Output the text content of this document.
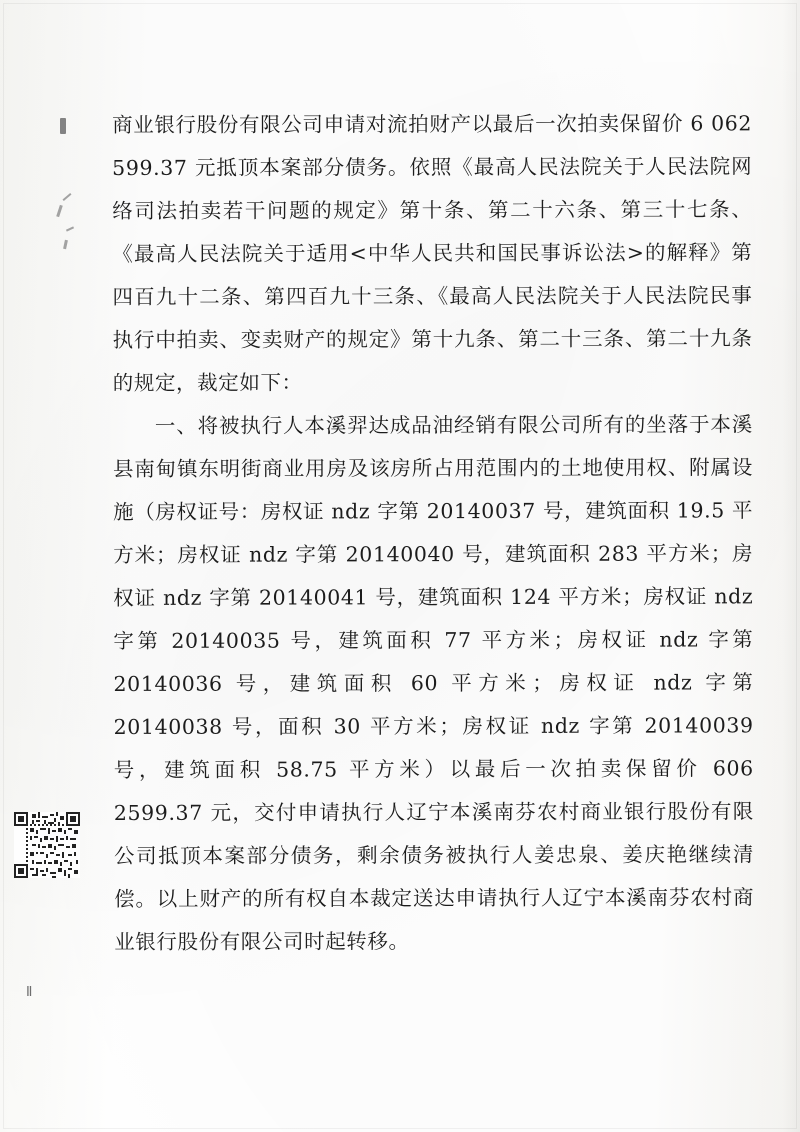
商业银行股份有限公司申请对流拍财产以最后一次拍卖保留价 6 062 599.37 元抵顶本案部分债务。依照《最高人民法院关于人民法院网络司法拍卖若干问题的规定》第十条、第二十六条、第三十七条、《最高人民法院关于适用<中华人民共和国民事诉讼法>的解释》第四百九十二条、第四百九十三条、《最高人民法院关于人民法院民事执行中拍卖、变卖财产的规定》第十九条、第二十三条、第二十九条的规定，裁定如下：

一、将被执行人本溪羿达成品油经销有限公司所有的坐落于本溪县南甸镇东明街商业用房及该房所占用范围内的土地使用权、附属设施（房权证号：房权证 ndz 字第 20140037 号，建筑面积 19.5 平方米；房权证 ndz 字第 20140040 号，建筑面积 283 平方米；房权证 ndz 字第 20140041 号，建筑面积 124 平方米；房权证 ndz 字第 20140035 号，建筑面积 77 平方米；房权证 ndz 字第 20140036 号，建筑面积 60 平方米；房权证 ndz 字第 20140038 号，面积 30 平方米；房权证 ndz 字第 20140039 号，建筑面积 58.75 平方米）以最后一次拍卖保留价 606 2599.37 元，交付申请执行人辽宁本溪南芬农村商业银行股份有限公司抵顶本案部分债务，剩余债务被执行人姜忠泉、姜庆艳继续清偿。以上财产的所有权自本裁定送达申请执行人辽宁本溪南芬农村商业银行股份有限公司时起转移。

Ⅱ
